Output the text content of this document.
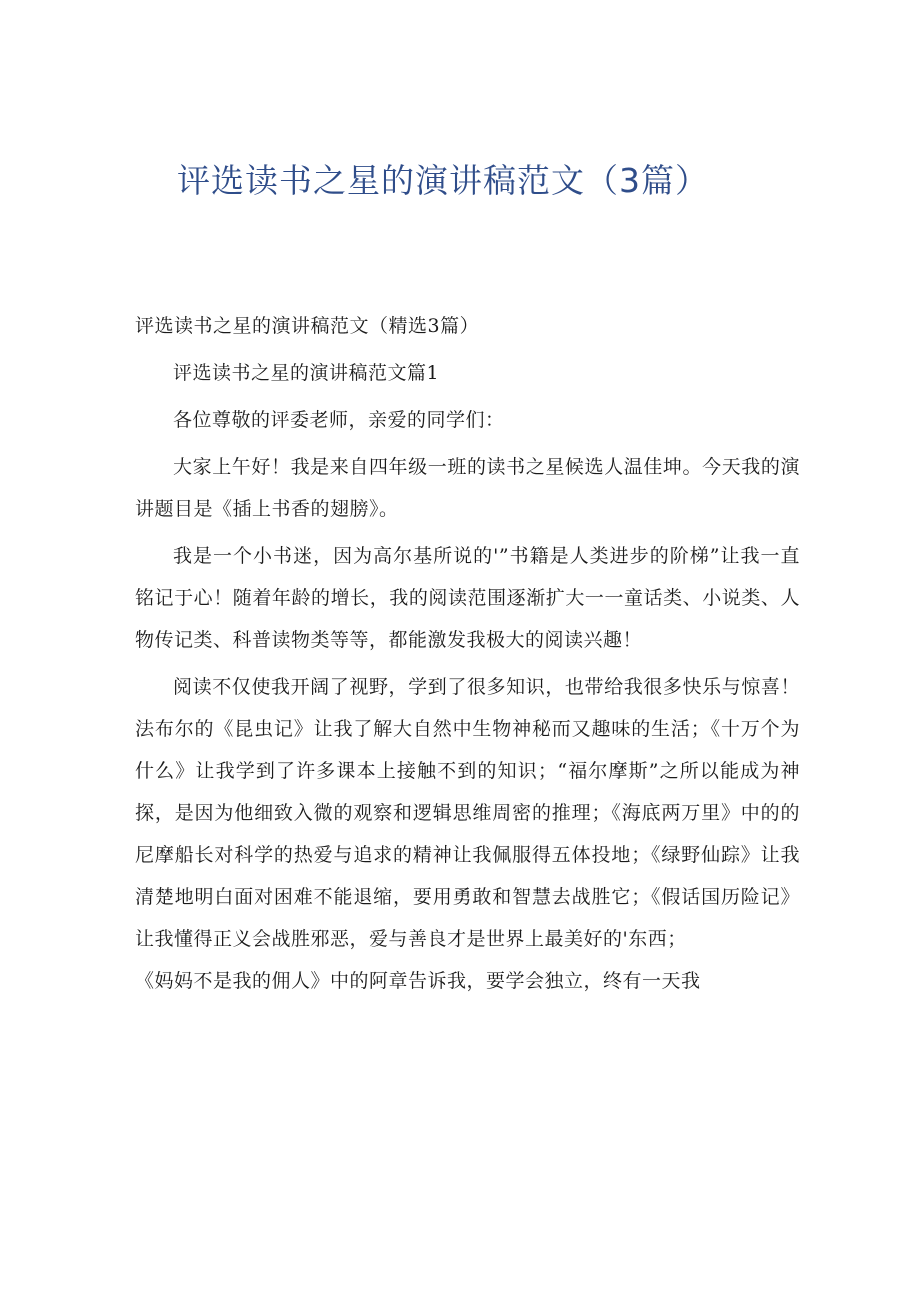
评选读书之星的演讲稿范文（3篇）

评选读书之星的演讲稿范文（精选3篇）

评选读书之星的演讲稿范文篇1

各位尊敬的评委老师，亲爱的同学们：

大家上午好！我是来自四年级一班的读书之星候选人温佳坤。今天我的演讲题目是《插上书香的翅膀》。

我是一个小书迷，因为高尔基所说的'”书籍是人类进步的阶梯”让我一直铭记于心！随着年龄的增长，我的阅读范围逐渐扩大一一童话类、小说类、人物传记类、科普读物类等等，都能激发我极大的阅读兴趣！

阅读不仅使我开阔了视野，学到了很多知识，也带给我很多快乐与惊喜！法布尔的《昆虫记》让我了解大自然中生物神秘而又趣味的生活；《十万个为什么》让我学到了许多课本上接触不到的知识；“福尔摩斯”之所以能成为神探，是因为他细致入微的观察和逻辑思维周密的推理；《海底两万里》中的的尼摩船长对科学的热爱与追求的精神让我佩服得五体投地；《绿野仙踪》让我清楚地明白面对困难不能退缩，要用勇敢和智慧去战胜它；《假话国历险记》让我懂得正义会战胜邪恶，爱与善良才是世界上最美好的'东西；

《妈妈不是我的佣人》中的阿章告诉我，要学会独立，终有一天我
